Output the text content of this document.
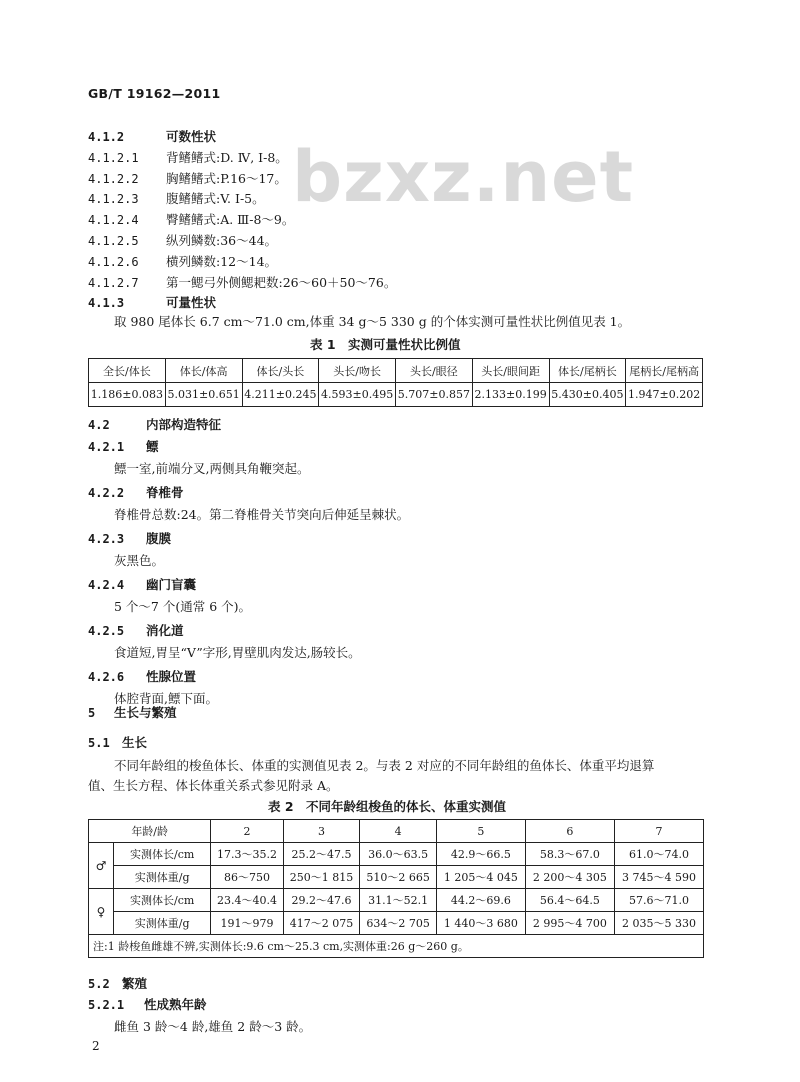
GB/T 19162—2011
bzxz.net
4.1.2	可数性状
4.1.2.1 背鳍鳍式:D. Ⅳ, Ⅰ-8。
4.1.2.2 胸鳍鳍式:P.16～17。
4.1.2.3 腹鳍鳍式:V. Ⅰ-5。
4.1.2.4 臀鳍鳍式:A. Ⅲ-8～9。
4.1.2.5 纵列鳞数:36～44。
4.1.2.6 横列鳞数:12～14。
4.1.2.7 第一鳃弓外侧鳃耙数:26～60＋50～76。
4.1.3	可量性状
取 980 尾体长 6.7 cm～71.0 cm,体重 34 g～5 330 g 的个体实测可量性状比例值见表 1。
表 1　实测可量性状比例值
全长/体长	体长/体高	体长/头长	头长/吻长	头长/眼径	头长/眼间距	体长/尾柄长	尾柄长/尾柄高
1.186±0.083	5.031±0.651	4.211±0.245	4.593±0.495	5.707±0.857	2.133±0.199	5.430±0.405	1.947±0.202
4.2	内部构造特征
4.2.1 鳔
鳔一室,前端分叉,两侧具角鞭突起。
4.2.2 脊椎骨
脊椎骨总数:24。第二脊椎骨关节突向后伸延呈棘状。
4.2.3 腹膜
灰黑色。
4.2.4 幽门盲囊
5 个～7 个(通常 6 个)。
4.2.5 消化道
食道短,胃呈“V”字形,胃壁肌肉发达,肠较长。
4.2.6 性腺位置
体腔背面,鳔下面。
5 生长与繁殖
5.1 生长
不同年龄组的梭鱼体长、体重的实测值见表 2。与表 2 对应的不同年龄组的鱼体长、体重平均退算
值、生长方程、体长体重关系式参见附录 A。
表 2　不同年龄组梭鱼的体长、体重实测值
年龄/龄		2	3	4	5	6	7
♂	实测体长/cm	17.3～35.2	25.2～47.5	36.0～63.5	42.9～66.5	58.3～67.0	61.0～74.0
	实测体重/g	86～750	250～1 815	510～2 665	1 205～4 045	2 200～4 305	3 745～4 590
♀	实测体长/cm	23.4～40.4	29.2～47.6	31.1～52.1	44.2～69.6	56.4～64.5	57.6～71.0
	实测体重/g	191～979	417～2 075	634～2 705	1 440～3 680	2 995～4 700	2 035～5 330
注:1 龄梭鱼雌雄不辨,实测体长:9.6 cm～25.3 cm,实测体重:26 g～260 g。							
5.2 繁殖
5.2.1 性成熟年龄
雌鱼 3 龄～4 龄,雄鱼 2 龄～3 龄。
2
